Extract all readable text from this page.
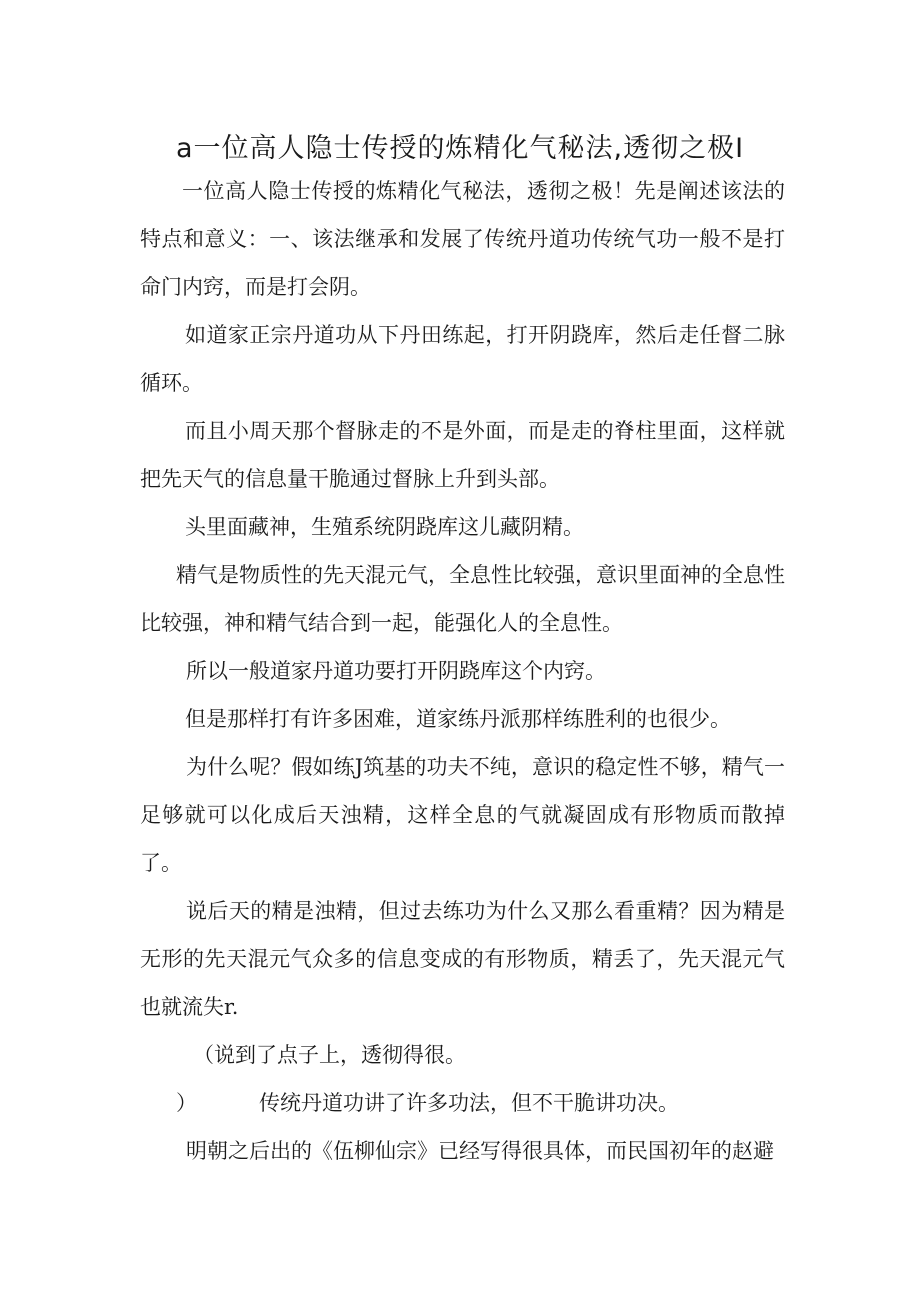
a一位高人隐士传授的炼精化气秘法,透彻之极I

一位高人隐士传授的炼精化气秘法，透彻之极！先是阐述该法的特点和意义：一、该法继承和发展了传统丹道功传统气功一般不是打命门内窍，而是打会阴。

如道家正宗丹道功从下丹田练起，打开阴跷库，然后走任督二脉循环。

而且小周天那个督脉走的不是外面，而是走的脊柱里面，这样就把先天气的信息量干脆通过督脉上升到头部。

头里面藏神，生殖系统阴跷库这儿藏阴精。

精气是物质性的先天混元气，全息性比较强，意识里面神的全息性比较强，神和精气结合到一起，能强化人的全息性。

所以一般道家丹道功要打开阴跷库这个内窍。

但是那样打有许多困难，道家练丹派那样练胜利的也很少。

为什么呢？假如练J筑基的功夫不纯，意识的稳定性不够，精气一足够就可以化成后天浊精，这样全息的气就凝固成有形物质而散掉了。

说后天的精是浊精，但过去练功为什么又那么看重精？因为精是无形的先天混元气众多的信息变成的有形物质，精丢了，先天混元气也就流失r.

（说到了点子上，透彻得很。

）	传统丹道功讲了许多功法，但不干脆讲功决。

明朝之后出的《伍柳仙宗》已经写得很具体，而民国初年的赵避
